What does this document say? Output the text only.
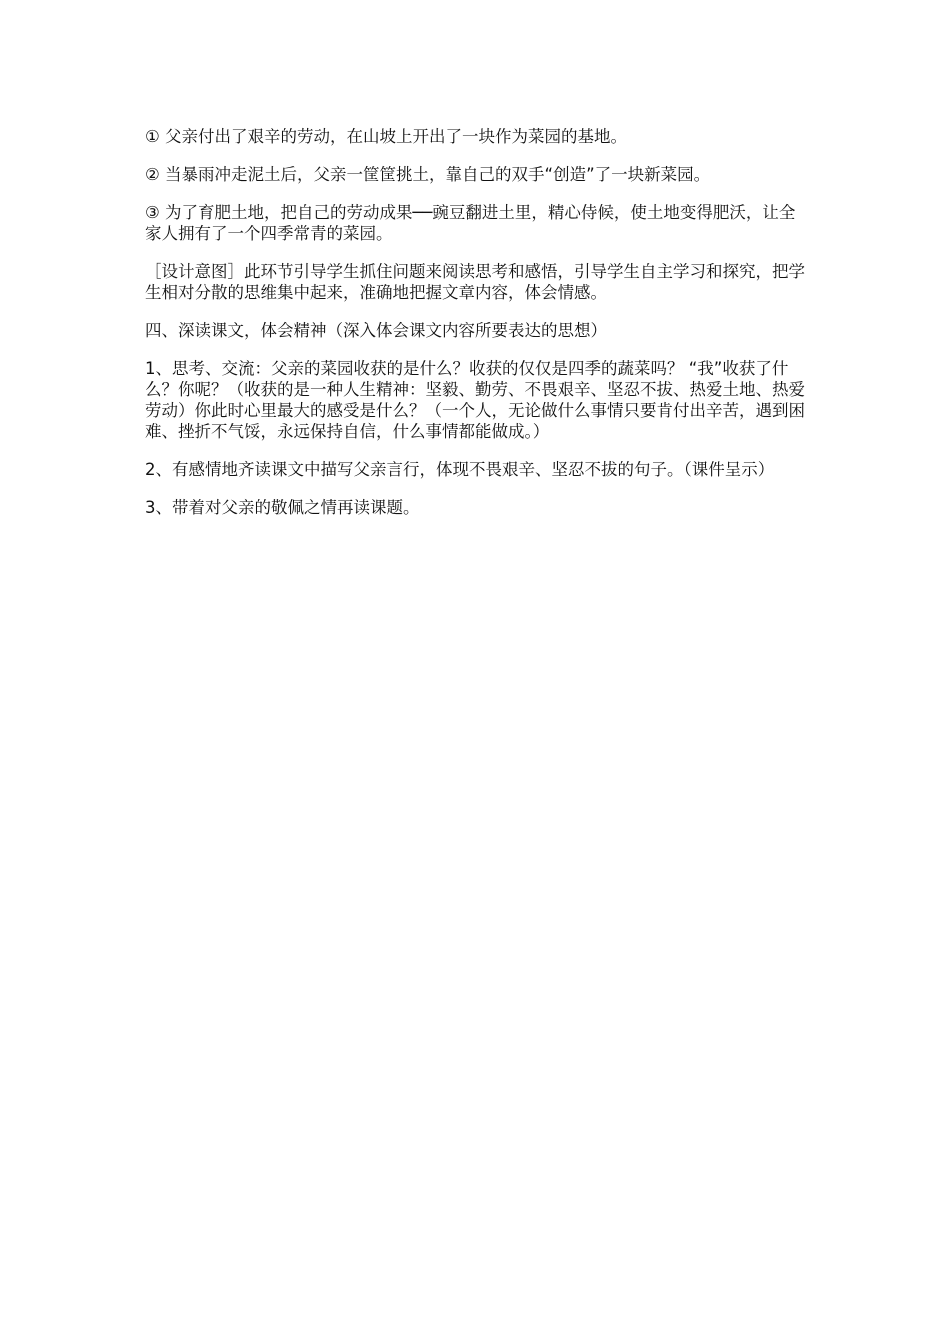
① 父亲付出了艰辛的劳动，在山坡上开出了一块作为菜园的基地。

② 当暴雨冲走泥土后，父亲一筐筐挑土，靠自己的双手“创造”了一块新菜园。

③ 为了育肥土地，把自己的劳动成果──豌豆翻进土里，精心侍候，使土地变得肥沃，让全家人拥有了一个四季常青的菜园。

［设计意图］此环节引导学生抓住问题来阅读思考和感悟，引导学生自主学习和探究，把学生相对分散的思维集中起来，准确地把握文章内容，体会情感。

四、深读课文，体会精神（深入体会课文内容所要表达的思想）

1、思考、交流：父亲的菜园收获的是什么？收获的仅仅是四季的蔬菜吗？ “我”收获了什么？你呢？（收获的是一种人生精神：坚毅、勤劳、不畏艰辛、坚忍不拔、热爱土地、热爱劳动）你此时心里最大的感受是什么？（一个人，无论做什么事情只要肯付出辛苦，遇到困难、挫折不气馁，永远保持自信，什么事情都能做成。）

2、有感情地齐读课文中描写父亲言行，体现不畏艰辛、坚忍不拔的句子。（课件呈示）

3、带着对父亲的敬佩之情再读课题。
